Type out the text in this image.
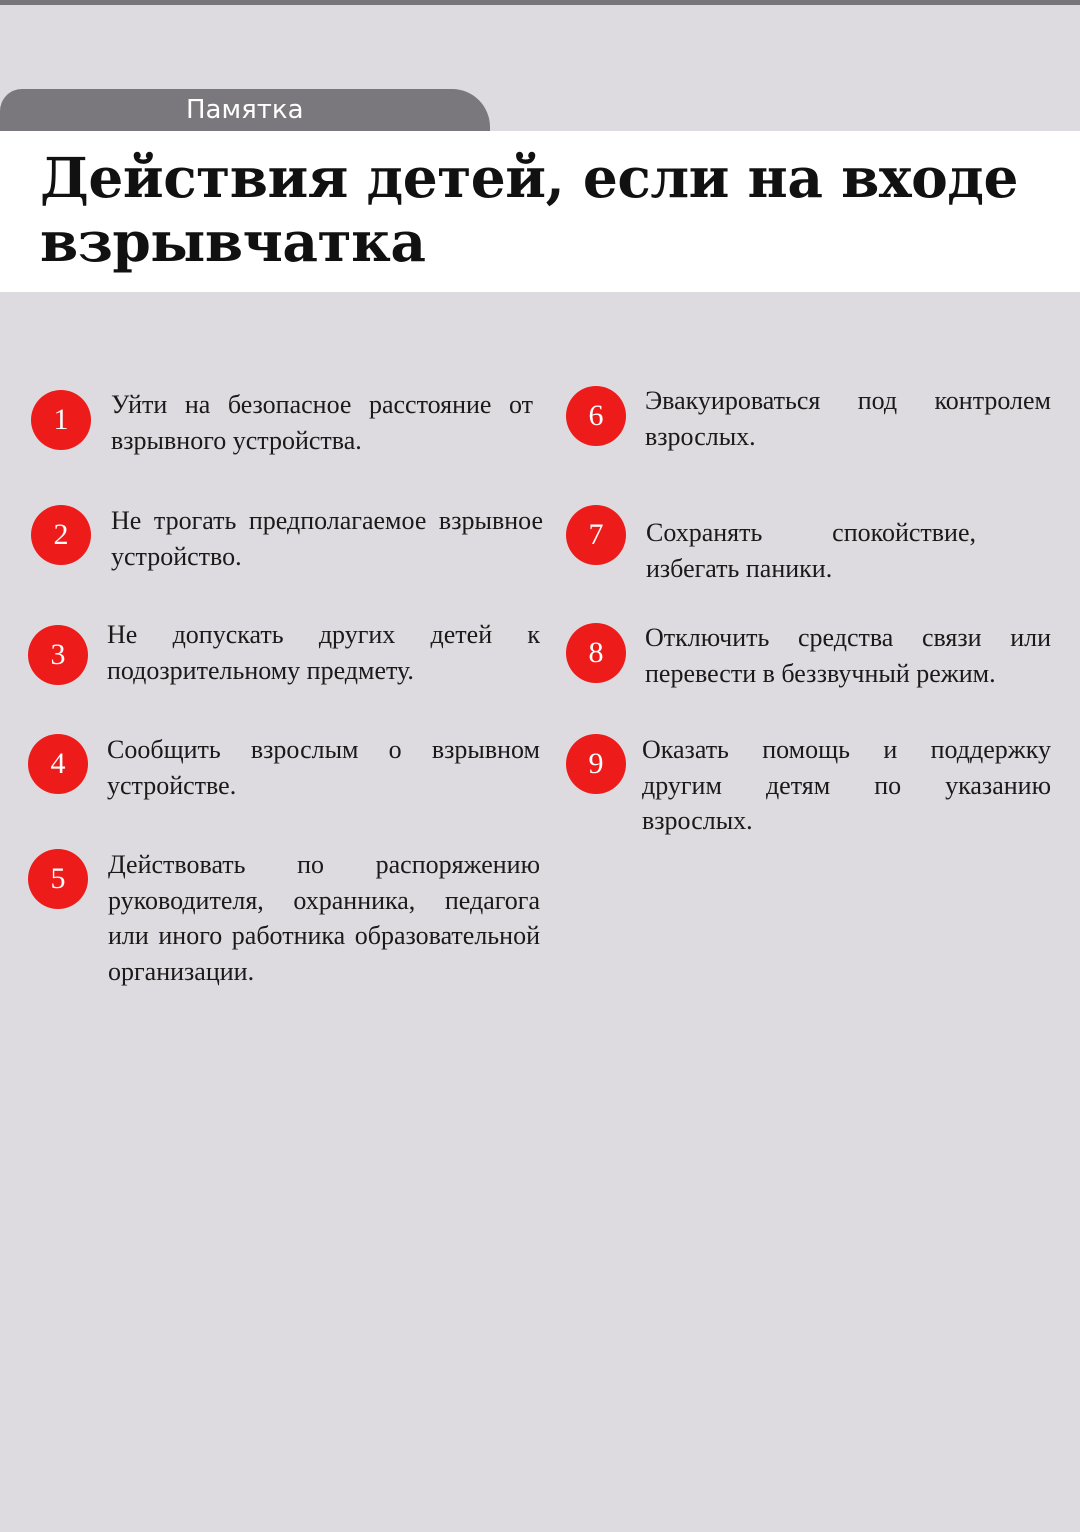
Памятка
Действия детей, если на входе взрывчатка
1	Уйти на безопасное расстояние от взрывного устройства.

2	Не трогать предполагаемое взрывное устройство.

3

Не допускать других детей к подозрительному предмету.

4	Сообщить взрослым о взрывном устройстве.

5	Действовать по распоряжению руководителя, охранника, педагога или иного работника образовательной организации.

6	Эвакуироваться под контролем взрослых.

7	Сохранять спокойствие, избегать паники.

8	Отключить средства связи или перевести в беззвучный режим.

9	Оказать помощь и поддержку другим детям по указанию взрослых.
